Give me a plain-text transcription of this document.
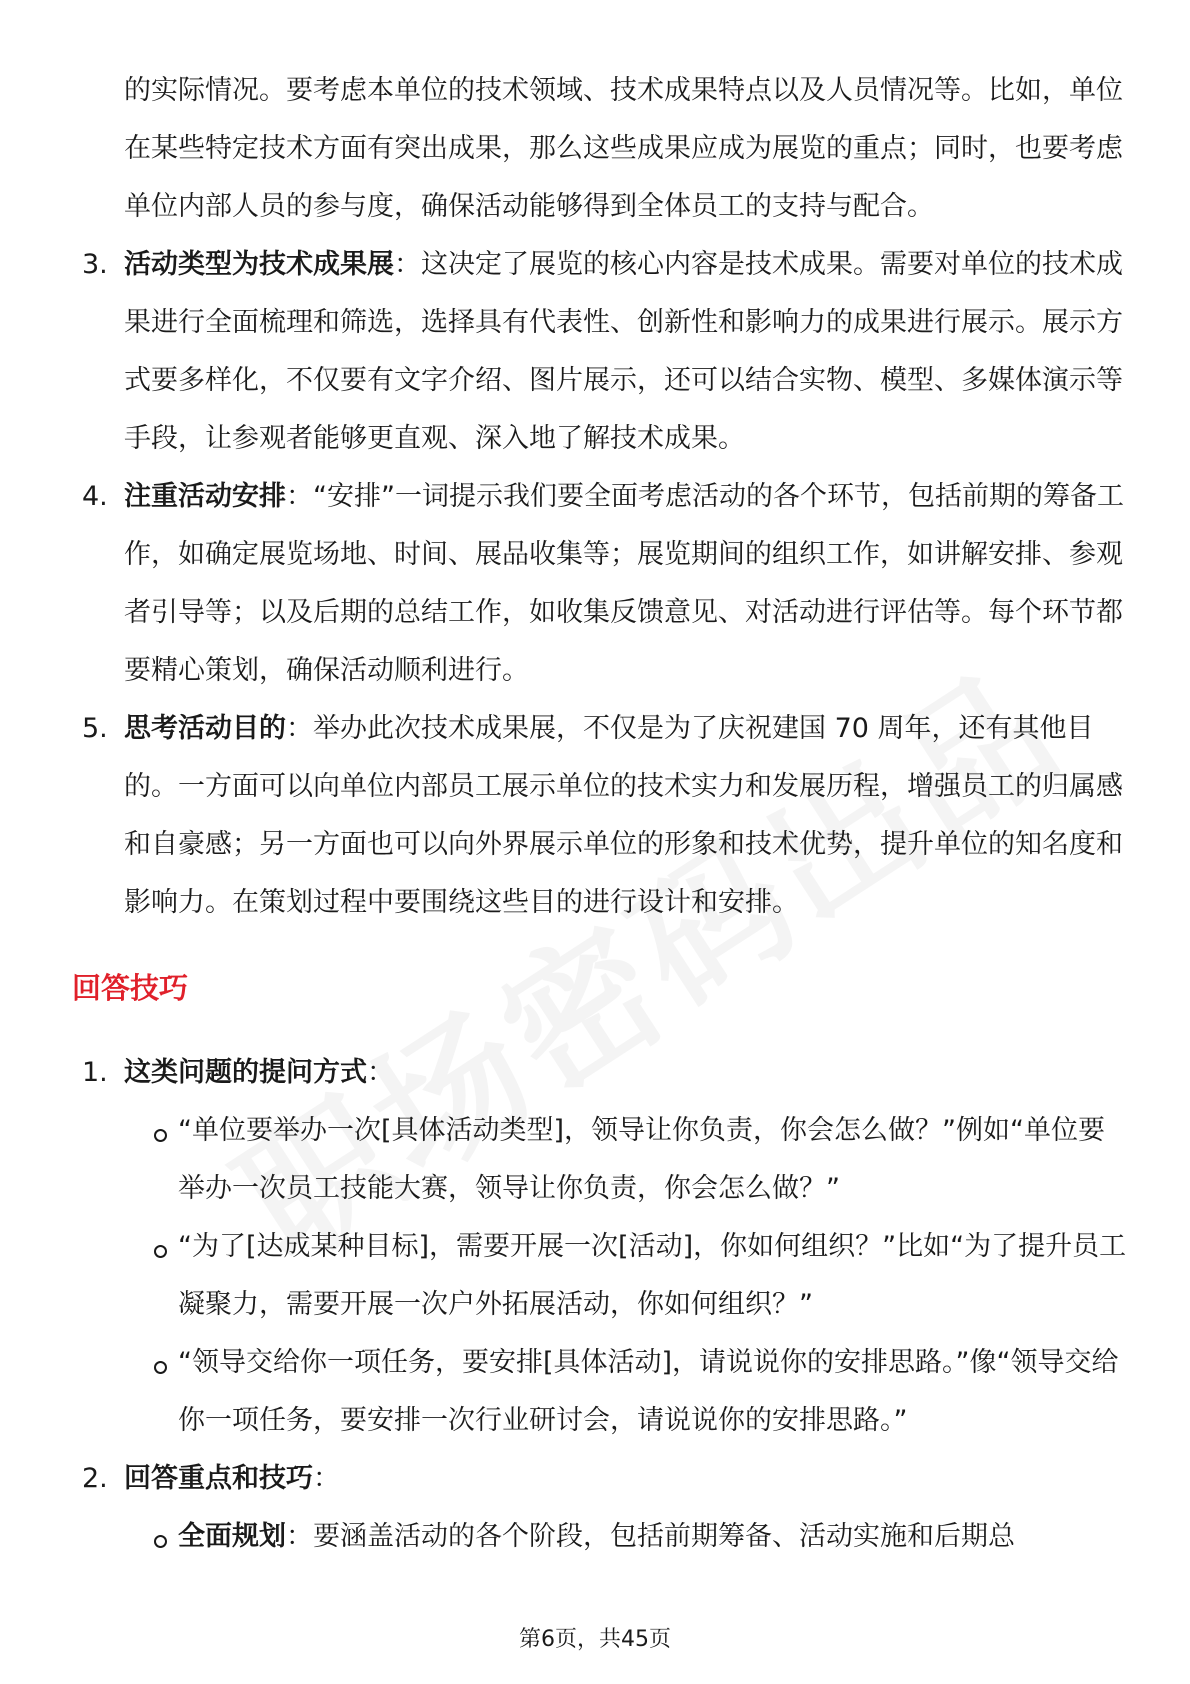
的实际情况。要考虑本单位的技术领域、技术成果特点以及人员情况等。比如，单位在某些特定技术方面有突出成果，那么这些成果应成为展览的重点；同时，也要考虑单位内部人员的参与度，确保活动能够得到全体员工的支持与配合。

3. 活动类型为技术成果展：这决定了展览的核心内容是技术成果。需要对单位的技术成果进行全面梳理和筛选，选择具有代表性、创新性和影响力的成果进行展示。展示方式要多样化，不仅要有文字介绍、图片展示，还可以结合实物、模型、多媒体演示等手段，让参观者能够更直观、深入地了解技术成果。

4. 注重活动安排：“安排”一词提示我们要全面考虑活动的各个环节，包括前期的筹备工作，如确定展览场地、时间、展品收集等；展览期间的组织工作，如讲解安排、参观者引导等；以及后期的总结工作，如收集反馈意见、对活动进行评估等。每个环节都要精心策划，确保活动顺利进行。

5. 思考活动目的：举办此次技术成果展，不仅是为了庆祝建国 70 周年，还有其他目的。一方面可以向单位内部员工展示单位的技术实力和发展历程，增强员工的归属感和自豪感；另一方面也可以向外界展示单位的形象和技术优势，提升单位的知名度和影响力。在策划过程中要围绕这些目的进行设计和安排。

回答技巧

1. 这类问题的提问方式：

“单位要举办一次[具体活动类型]，领导让你负责，你会怎么做？”例如“单位要举办一次员工技能大赛，领导让你负责，你会怎么做？”

“为了[达成某种目标]，需要开展一次[活动]，你如何组织？”比如“为了提升员工凝聚力，需要开展一次户外拓展活动，你如何组织？”

“领导交给你一项任务，要安排[具体活动]，请说说你的安排思路。”像“领导交给你一项任务，要安排一次行业研讨会，请说说你的安排思路。”

2. 回答重点和技巧：

全面规划：要涵盖活动的各个阶段，包括前期筹备、活动实施和后期总

第6页，共45页
